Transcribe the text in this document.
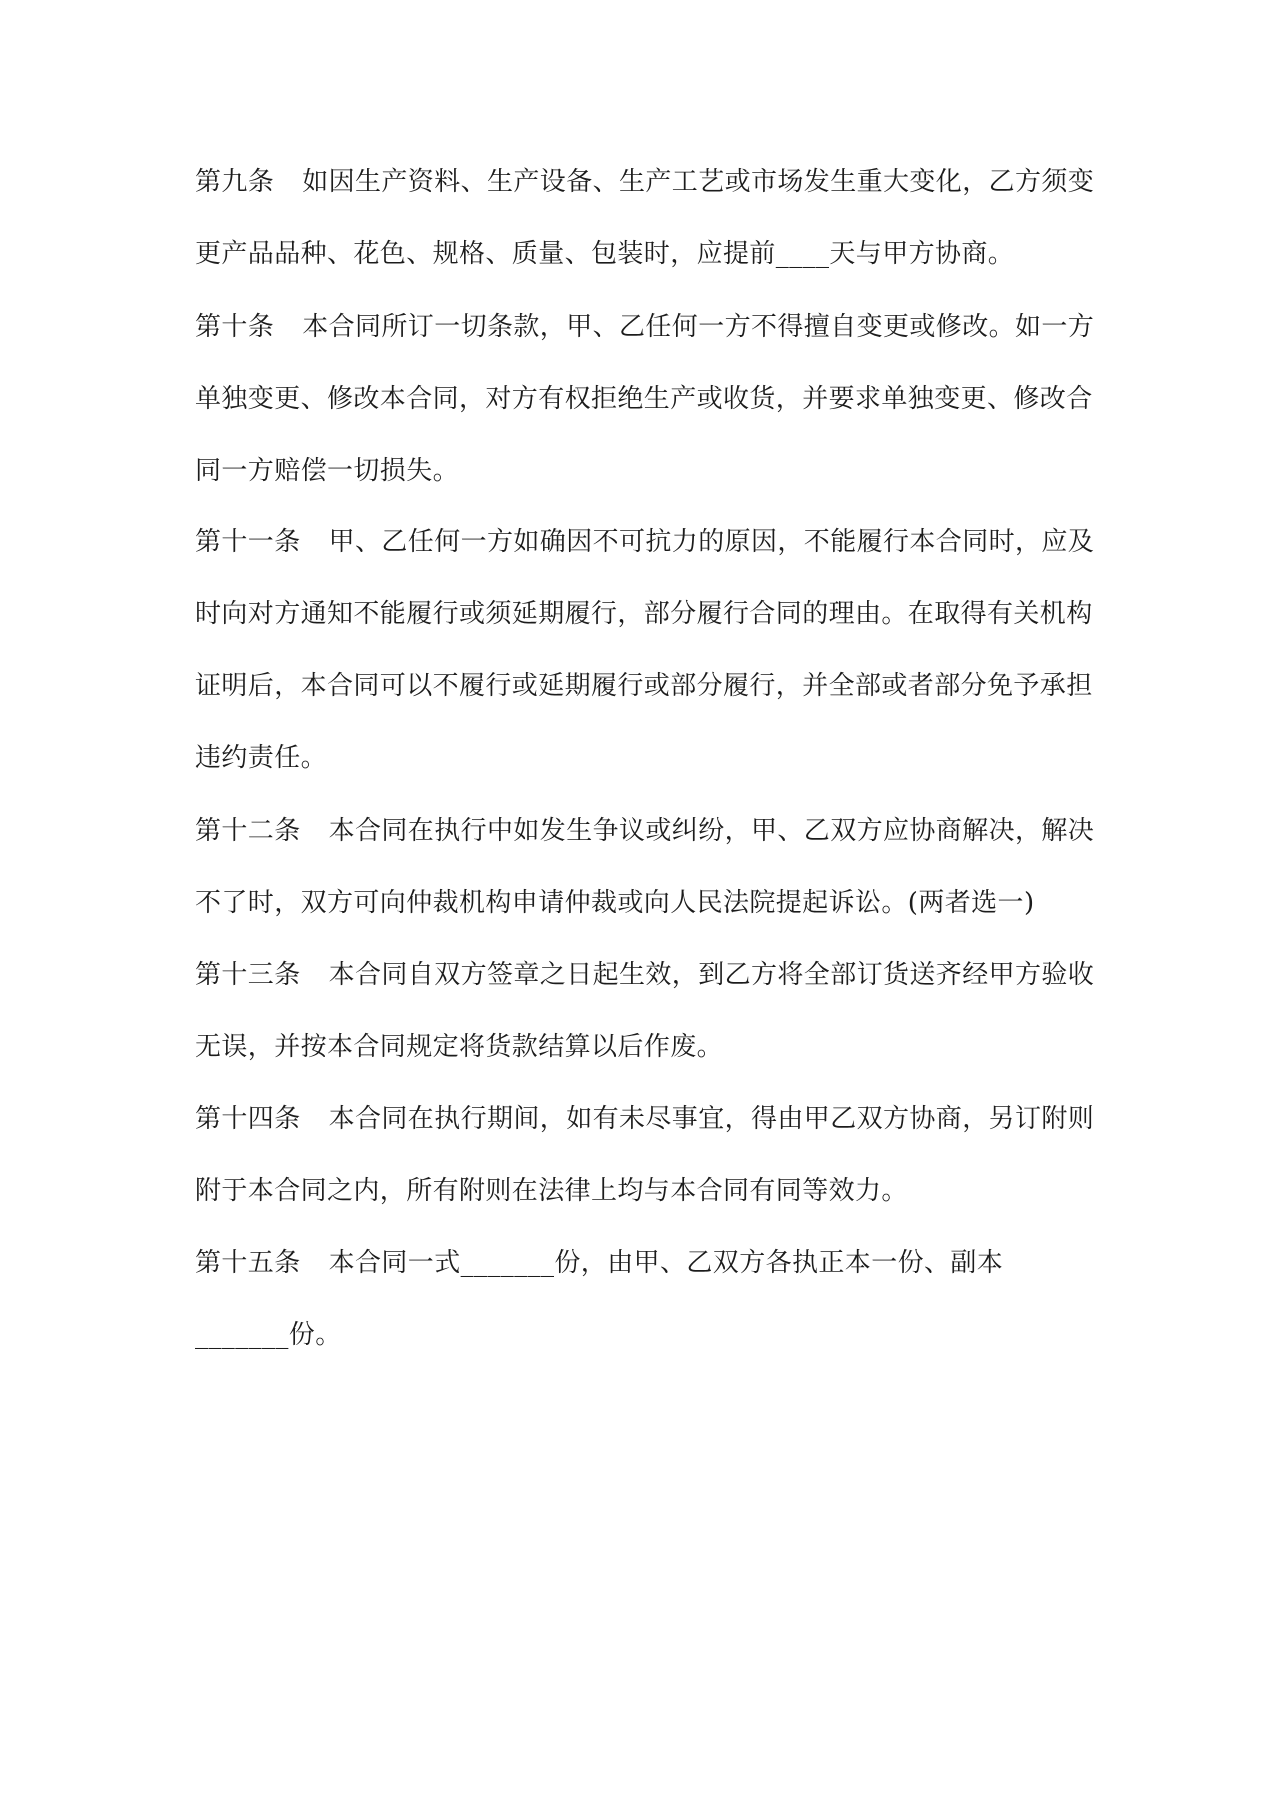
第九条 如因生产资料、生产设备、生产工艺或市场发生重大变化，乙方须变
更产品品种、花色、规格、质量、包装时，应提前____天与甲方协商。
第十条 本合同所订一切条款，甲、乙任何一方不得擅自变更或修改。如一方
单独变更、修改本合同，对方有权拒绝生产或收货，并要求单独变更、修改合
同一方赔偿一切损失。
第十一条 甲、乙任何一方如确因不可抗力的原因，不能履行本合同时，应及
时向对方通知不能履行或须延期履行，部分履行合同的理由。在取得有关机构
证明后，本合同可以不履行或延期履行或部分履行，并全部或者部分免予承担
违约责任。
第十二条 本合同在执行中如发生争议或纠纷，甲、乙双方应协商解决，解决
不了时，双方可向仲裁机构申请仲裁或向人民法院提起诉讼。(两者选一)
第十三条 本合同自双方签章之日起生效，到乙方将全部订货送齐经甲方验收
无误，并按本合同规定将货款结算以后作废。
第十四条 本合同在执行期间，如有未尽事宜，得由甲乙双方协商，另订附则
附于本合同之内，所有附则在法律上均与本合同有同等效力。
第十五条 本合同一式_______份，由甲、乙双方各执正本一份、副本
_______份。
